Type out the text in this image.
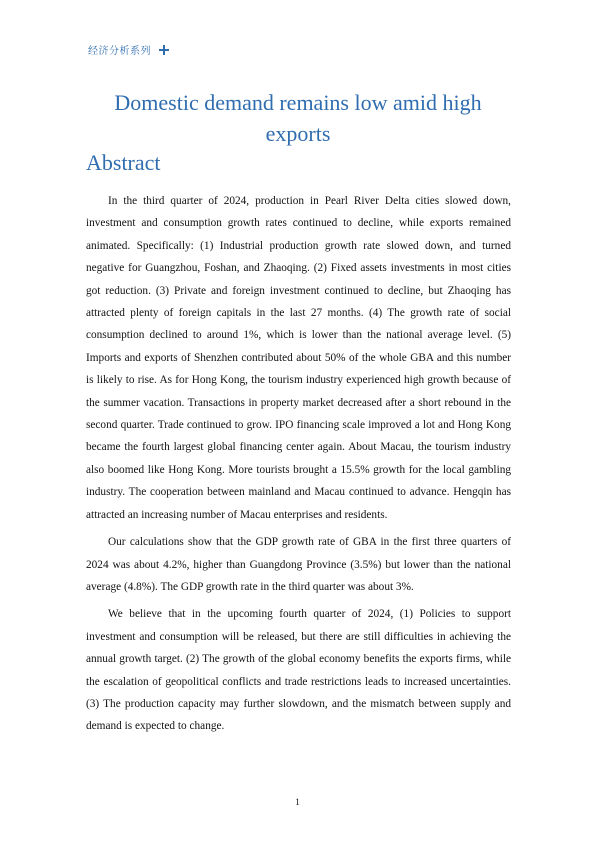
经济分析系列
Domestic demand remains low amid high exports
Abstract

In the third quarter of 2024, production in Pearl River Delta cities slowed down, investment and consumption growth rates continued to decline, while exports remained animated. Specifically: (1) Industrial production growth rate slowed down, and turned negative for Guangzhou, Foshan, and Zhaoqing. (2) Fixed assets investments in most cities got reduction. (3) Private and foreign investment continued to decline, but Zhaoqing has attracted plenty of foreign capitals in the last 27 months. (4) The growth rate of social consumption declined to around 1%, which is lower than the national average level. (5) Imports and exports of Shenzhen contributed about 50% of the whole GBA and this number is likely to rise. As for Hong Kong, the tourism industry experienced high growth because of the summer vacation. Transactions in property market decreased after a short rebound in the second quarter. Trade continued to grow. IPO financing scale improved a lot and Hong Kong became the fourth largest global financing center again. About Macau, the tourism industry also boomed like Hong Kong. More tourists brought a 15.5% growth for the local gambling industry. The cooperation between mainland and Macau continued to advance. Hengqin has attracted an increasing number of Macau enterprises and residents.

Our calculations show that the GDP growth rate of GBA in the first three quarters of 2024 was about 4.2%, higher than Guangdong Province (3.5%) but lower than the national average (4.8%). The GDP growth rate in the third quarter was about 3%.

We believe that in the upcoming fourth quarter of 2024, (1) Policies to support investment and consumption will be released, but there are still difficulties in achieving the annual growth target. (2) The growth of the global economy benefits the exports firms, while the escalation of geopolitical conflicts and trade restrictions leads to increased uncertainties. (3) The production capacity may further slowdown, and the mismatch between supply and demand is expected to change.

1
